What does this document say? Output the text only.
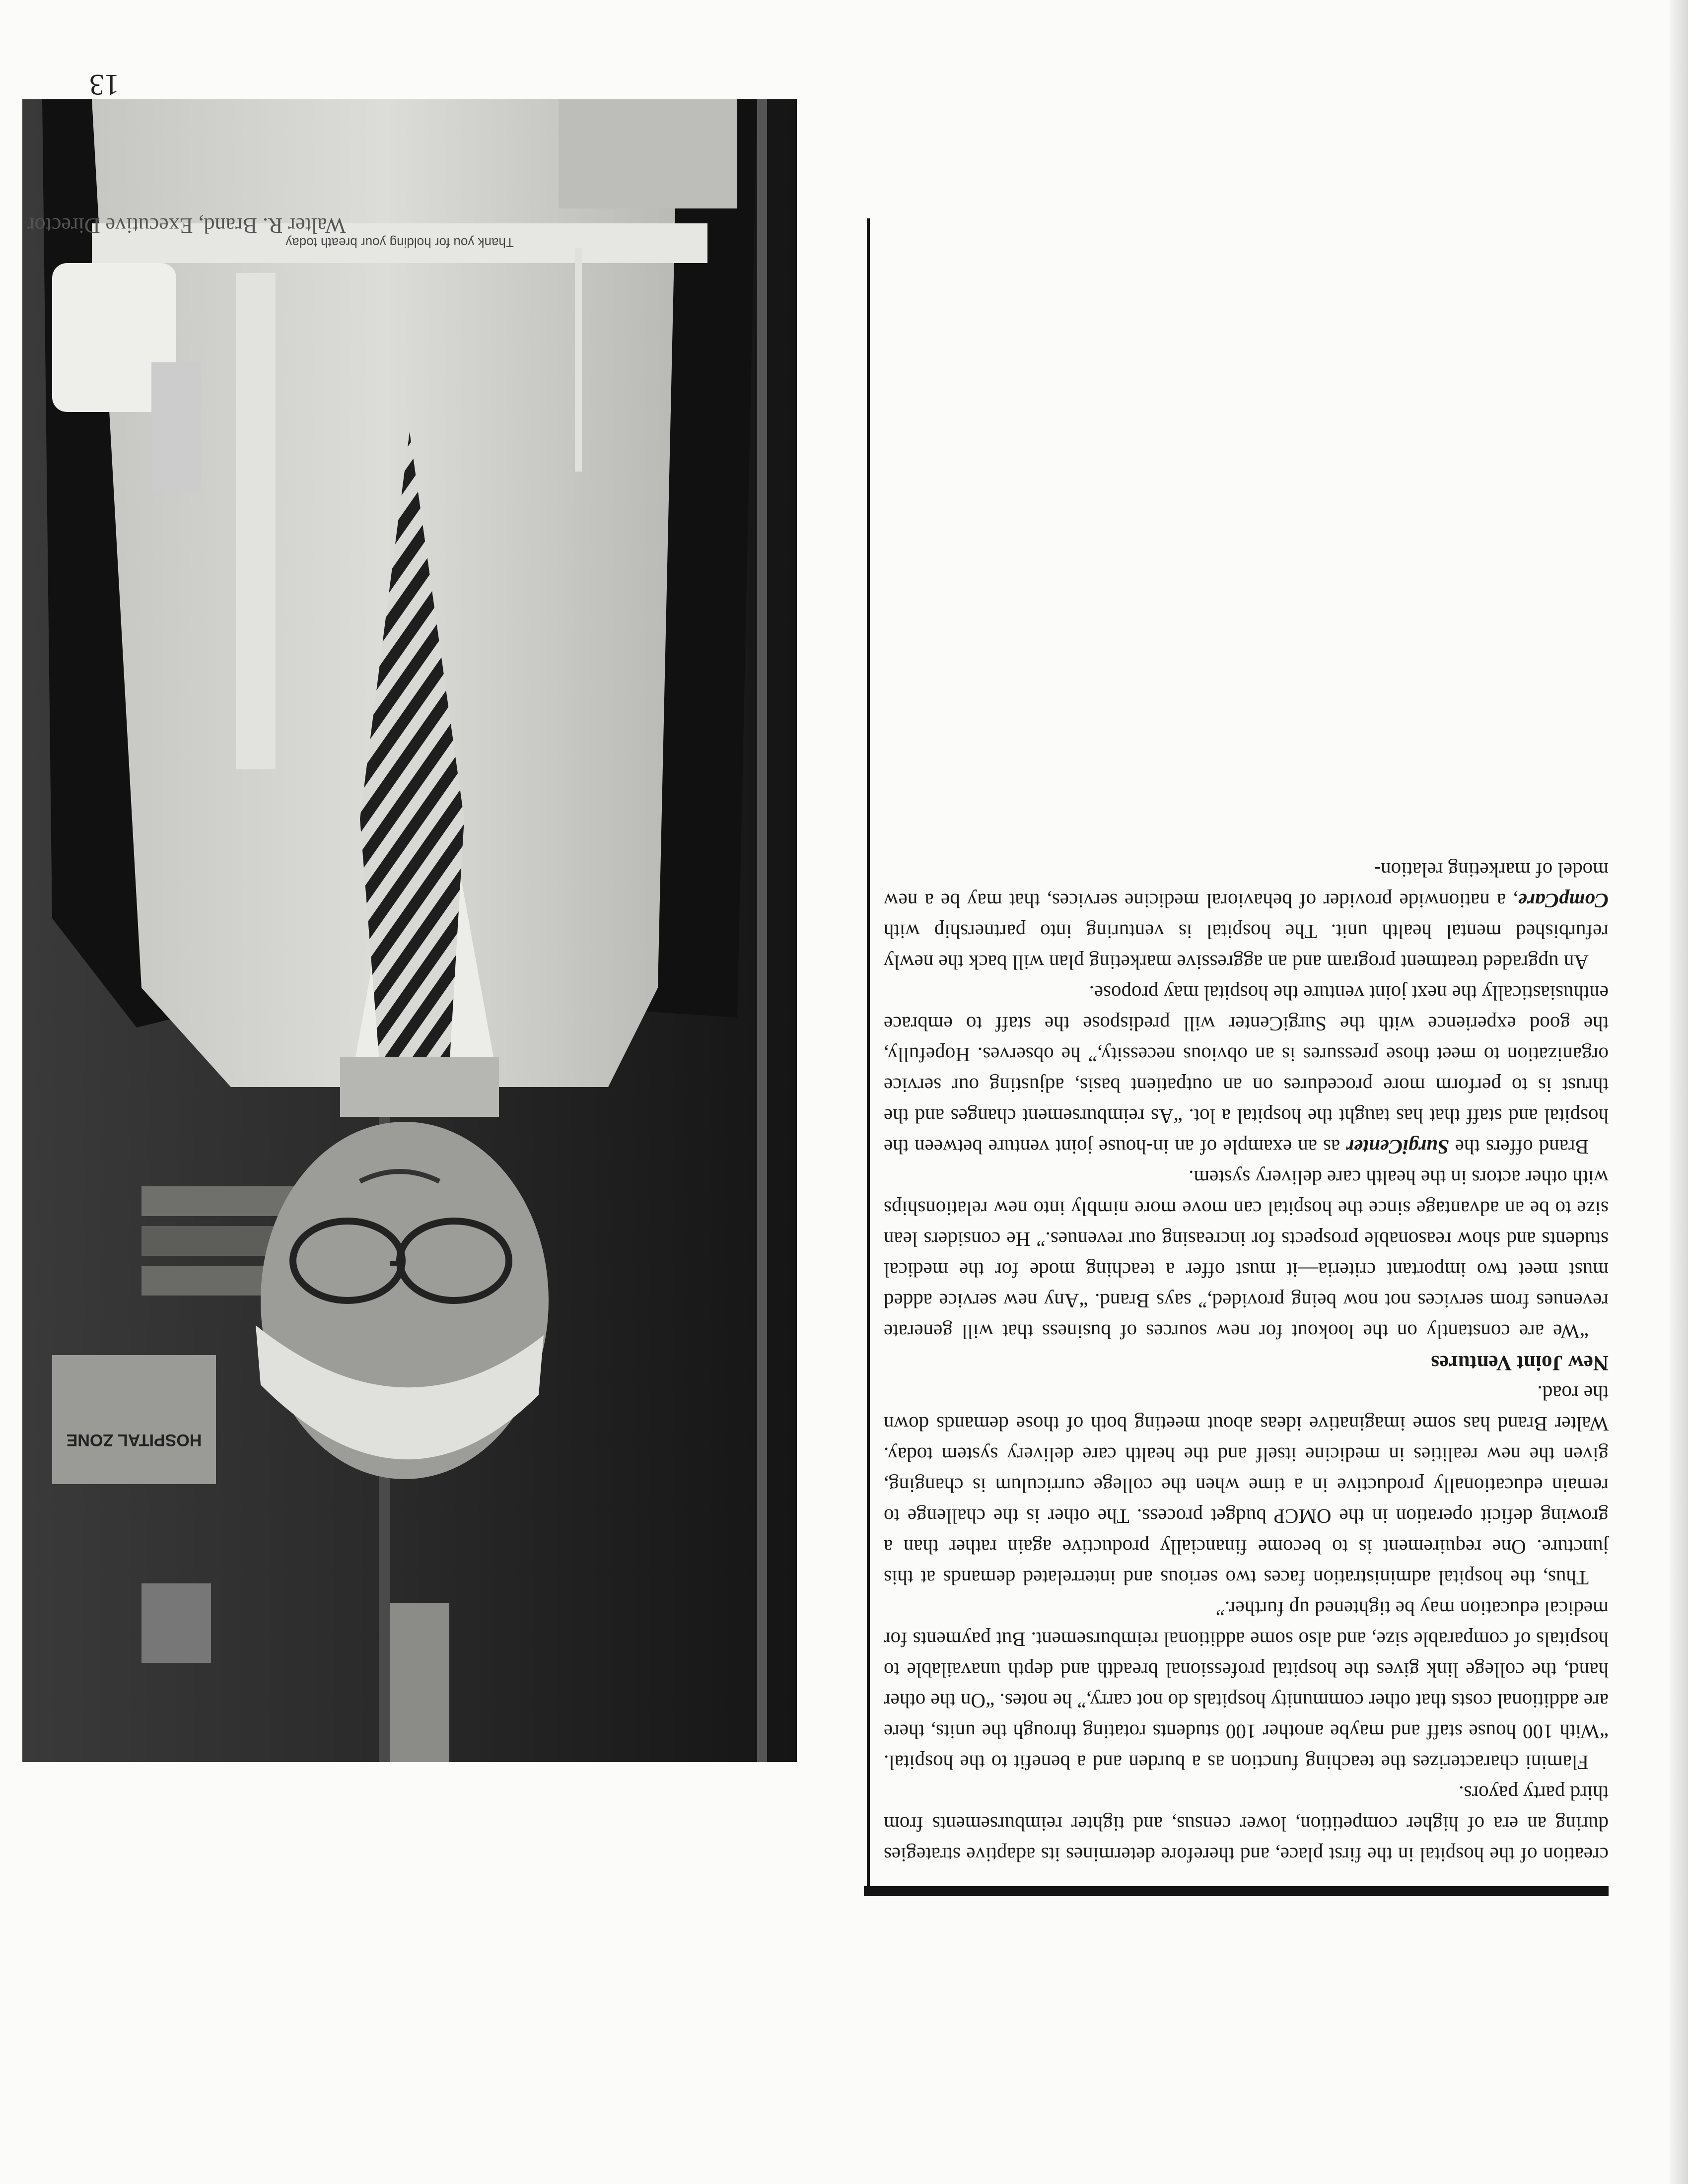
creation of the hospital in the first place, and therefore determines its adaptive strategies during an era of higher competition, lower census, and tighter reimbursements from third party payors.

Flamini characterizes the teaching function as a burden and a benefit to the hospital. “With 100 house staff and maybe another 100 students rotating through the units, there are additional costs that other community hospitals do not carry,” he notes. “On the other hand, the college link gives the hospital professional breadth and depth unavailable to hospitals of comparable size, and also some additional reimbursement. But payments for medical education may be tightened up further.”

Thus, the hospital administration faces two serious and interrelated demands at this juncture. One requirement is to become financially productive again rather than a growing deficit operation in the OMCP budget process. The other is the challenge to remain educationally productive in a time when the college curriculum is changing, given the new realities in medicine itself and the health care delivery system today. Walter Brand has some imaginative ideas about meeting both of those demands down the road.

New Joint Ventures

“We are constantly on the lookout for new sources of business that will generate revenues from services not now being provided,” says Brand. “Any new service added must meet two important criteria—it must offer a teaching mode for the medical students and show reasonable prospects for increasing our revenues.” He considers lean size to be an advantage since the hospital can move more nimbly into new relationships with other actors in the health care delivery system.

Brand offers the SurgiCenter as an example of an in-house joint venture between the hospital and staff that has taught the hospital a lot. “As reimbursement changes and the thrust is to perform more procedures on an outpatient basis, adjusting our service organization to meet those pressures is an obvious necessity,” he observes. Hopefully, the good experience with the SurgiCenter will predispose the staff to embrace enthusiastically the next joint venture the hospital may propose.

An upgraded treatment program and an aggressive marketing plan will back the newly refurbished mental health unit. The hospital is venturing into partnership with CompCare, a nationwide provider of behavioral medicine services, that may be a new model of marketing relation-

HOSPITAL ZONE
Thank you for holding your breath today
Walter R. Brand, Executive Director
13
